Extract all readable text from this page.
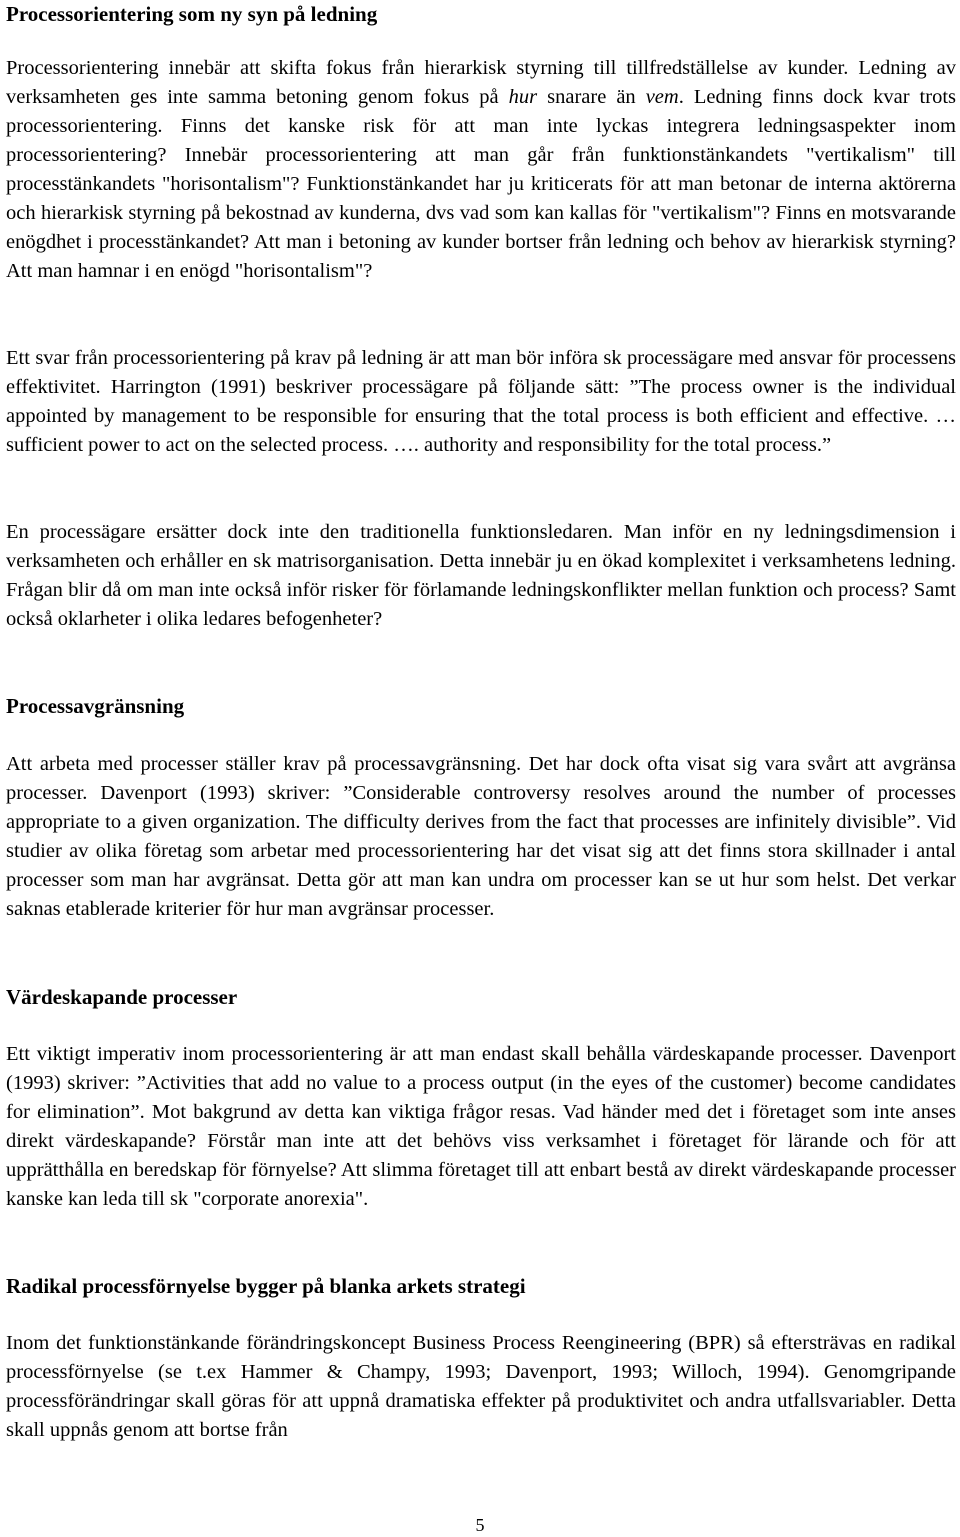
Processorientering som ny syn på ledning

Processorientering innebär att skifta fokus från hierarkisk styrning till tillfredställelse av kunder. Ledning av verksamheten ges inte samma betoning genom fokus på hur snarare än vem. Ledning finns dock kvar trots processorientering. Finns det kanske risk för att man inte lyckas integrera ledningsaspekter inom processorientering? Innebär processorientering att man går från funktionstänkandets "vertikalism" till processtänkandets "horisontalism"? Funktionstänkandet har ju kriticerats för att man betonar de interna aktörerna och hierarkisk styrning på bekostnad av kunderna, dvs vad som kan kallas för "vertikalism"? Finns en motsvarande enögdhet i processtänkandet? Att man i betoning av kunder bortser från ledning och behov av hierarkisk styrning? Att man hamnar i en enögd "horisontalism"?

Ett svar från processorientering på krav på ledning är att man bör införa sk processägare med ansvar för processens effektivitet. Harrington (1991) beskriver processägare på följande sätt: ”The process owner is the individual appointed by management to be responsible for ensuring that the total process is both efficient and effective. … sufficient power to act on the selected process. …. authority and responsibility for the total process.”

En processägare ersätter dock inte den traditionella funktionsledaren. Man inför en ny ledningsdimension i verksamheten och erhåller en sk matrisorganisation. Detta innebär ju en ökad komplexitet i verksamhetens ledning. Frågan blir då om man inte också inför risker för förlamande ledningskonflikter mellan funktion och process? Samt också oklarheter i olika ledares befogenheter?

Processavgränsning

Att arbeta med processer ställer krav på processavgränsning. Det har dock ofta visat sig vara svårt att avgränsa processer. Davenport (1993) skriver: ”Considerable controversy resolves around the number of processes appropriate to a given organization. The difficulty derives from the fact that processes are infinitely divisible”. Vid studier av olika företag som arbetar med processorientering har det visat sig att det finns stora skillnader i antal processer som man har avgränsat. Detta gör att man kan undra om processer kan se ut hur som helst. Det verkar saknas etablerade kriterier för hur man avgränsar processer.

Värdeskapande processer

Ett viktigt imperativ inom processorientering är att man endast skall behålla värdeskapande processer. Davenport (1993) skriver: ”Activities that add no value to a process output (in the eyes of the customer) become candidates for elimination”. Mot bakgrund av detta kan viktiga frågor resas. Vad händer med det i företaget som inte anses direkt värdeskapande? Förstår man inte att det behövs viss verksamhet i företaget för lärande och för att upprätthålla en beredskap för förnyelse? Att slimma företaget till att enbart bestå av direkt värdeskapande processer kanske kan leda till sk "corporate anorexia".

Radikal processförnyelse bygger på blanka arkets strategi

Inom det funktionstänkande förändringskoncept Business Process Reengineering (BPR) så eftersträvas en radikal processförnyelse (se t.ex Hammer & Champy, 1993; Davenport, 1993; Willoch, 1994). Genomgripande processförändringar skall göras för att uppnå dramatiska effekter på produktivitet och andra utfallsvariabler. Detta skall uppnås genom att bortse från

5
